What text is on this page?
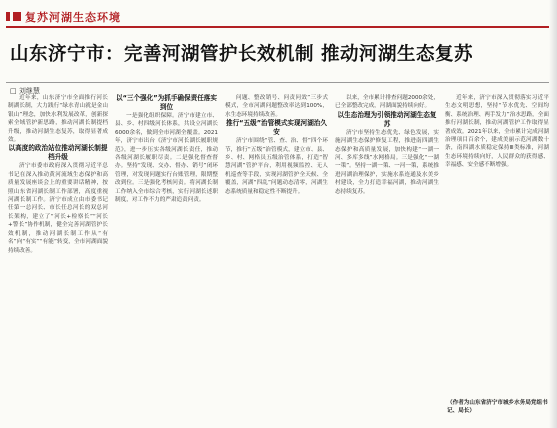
复苏河湖生态环境
山东济宁市：完善河湖管护长效机制 推动河湖生态复苏
□ 刘继慧

近年来，山东济宁市全面推行河长制湖长制，大力践行“绿水青山就是金山银山”理念，加快水利发展改革，创新探索全域管护新思路，推动河湖长制提档升级，推动河湖生态复苏，取得显著成效。

以高度的政治站位推动河湖长制提档升级

济宁市委市政府深入贯彻习近平总书记在深入推动黄河流域生态保护和高质量发展座谈会上的重要讲话精神，按照山东省河湖长制工作部署，高度重视河湖长制工作。济宁市成立由市委书记任第一总河长、市长任总河长的双总河长架构，建立了“河长+检察长”“河长+警长”协作机制，健全完善河湖管护长效机制，推动河湖长制工作从“有名”向“有实”“有能”转变，全市河湖面貌持续改善。

以“三个强化”为抓手确保责任落实到位

一是强化组织保障。济宁市建立市、县、乡、村四级河长体系，共设立河湖长6000余名，做到全市河湖全覆盖。2021年，济宁市出台《济宁市河长湖长履职规范》，进一步压实各级河湖长责任，推动各级河湖长履职尽责。二是强化督查督办。坚持“发现、交办、督办、销号”闭环管理，对发现问题实行台账管理，限期整改到位。三是强化考核问责。将河湖长制工作纳入全市综合考核，实行河湖长述职制度，对工作不力的严肃追责问责。

问题、整改销号、问责问效”三步式模式，全市河湖问题整改率达到100%，水生态环境持续改善。

推行“五级”治管模式实现河湖治久安

济宁市围绕“管、查、治、督”四个环节，推行“五级”治管模式，建立市、县、乡、村、网格员五级治管体系，打造“智慧河湖”管护平台，利用视频监控、无人机巡查等手段，实现河湖管护全天候、全覆盖，河湖“四乱”问题动态清零，河湖生态系统质量和稳定性不断提升。

以来，全市累计排查问题2000余处，已全部整改完成，河湖面貌持续向好。

以生态治理为引领推动河湖生态复苏

济宁市坚持生态优先、绿色发展，实施河湖生态保护修复工程，推进南四湖生态保护和高质量发展，加快构建“一湖一河、多库多线”水网格局。三是强化“一湖一策”。坚持一湖一策、一河一策，系统推进河湖治理保护，实施水系连通及水美乡村建设，全力打造幸福河湖，推动河湖生态持续复苏。

近年来，济宁市深入贯彻落实习近平生态文明思想，坚持“节水优先、空间均衡、系统治理、两手发力”治水思路，全面推行河湖长制，推动河湖管护工作取得显著成效。2021年以来，全市累计完成河湖治理项目百余个，建成美丽示范河湖数十条，南四湖水质稳定保持Ⅲ类标准，河湖生态环境持续向好，人民群众的获得感、幸福感、安全感不断增强。

（作者为山东省济宁市城乡水务局党组书记、局长）
